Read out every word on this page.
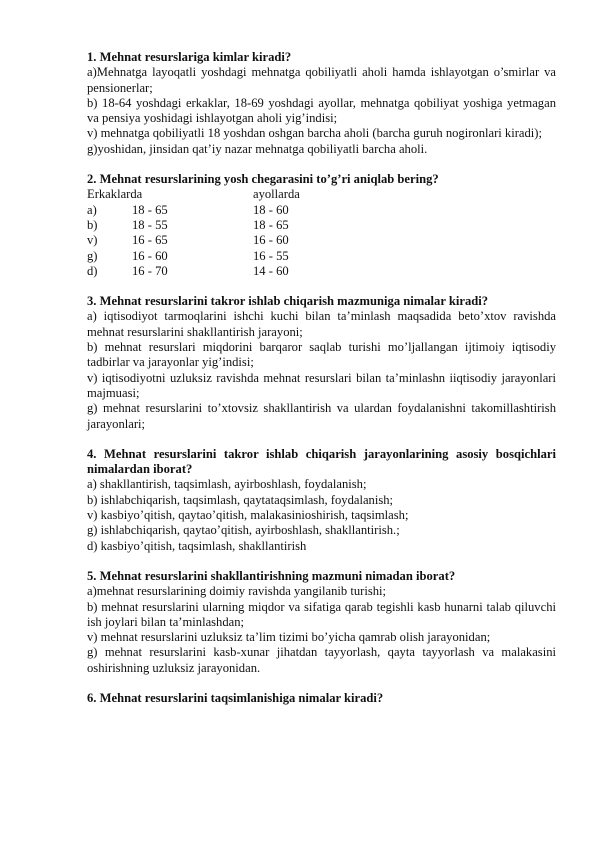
1. Mehnat resurslariga kimlar kiradi?
a)Mehnatga layoqatli yoshdagi mehnatga qobiliyatli aholi hamda ishlayotgan o’smirlar va pensionerlar;
b) 18-64 yoshdagi erkaklar, 18-69 yoshdagi ayollar, mehnatga qobiliyat yoshiga yetmagan va pensiya yoshidagi ishlayotgan aholi yig’indisi;
v) mehnatga qobiliyatli 18 yoshdan oshgan barcha aholi (barcha guruh nogironlari kiradi);
g)yoshidan, jinsidan qat’iy nazar mehnatga qobiliyatli barcha aholi.
2. Mehnat resurslarining yosh chegarasini to’g’ri aniqlab bering?
Erkaklarda	ayollarda
a)	18 - 65	18 - 60
b)	18 - 55	18 - 65
v)	16 - 65	16 - 60
g)	16 - 60	16 - 55
d)	16 - 70	14 - 60
3. Mehnat resurslarini takror ishlab chiqarish mazmuniga nimalar kiradi?
a) iqtisodiyot tarmoqlarini ishchi kuchi bilan ta’minlash maqsadida beto’xtov ravishda mehnat resurslarini shakllantirish jarayoni;
b) mehnat resurslari miqdorini barqaror saqlab turishi mo’ljallangan ijtimoiy iqtisodiy tadbirlar va jarayonlar yig’indisi;
v) iqtisodiyotni uzluksiz ravishda mehnat resurslari bilan ta’minlashn iiqtisodiy jarayonlari majmuasi;
g) mehnat resurslarini to’xtovsiz shakllantirish va ulardan foydalanishni takomillashtirish jarayonlari;
4. Mehnat resurslarini takror ishlab chiqarish jarayonlarining asosiy bosqichlari nimalardan iborat?
a) shakllantirish, taqsimlash, ayirboshlash, foydalanish;
b) ishlabchiqarish, taqsimlash, qaytataqsimlash, foydalanish;
v) kasbiyo’qitish, qaytao’qitish, malakasinioshirish, taqsimlash;
g) ishlabchiqarish, qaytao’qitish, ayirboshlash, shakllantirish.;
d) kasbiyo’qitish, taqsimlash, shakllantirish
5. Mehnat resurslarini shakllantirishning mazmuni nimadan iborat?
a)mehnat resurslarining doimiy ravishda yangilanib turishi;
b) mehnat resurslarini ularning miqdor va sifatiga qarab tegishli kasb hunarni talab qiluvchi ish joylari bilan ta’minlashdan;
v) mehnat resurslarini uzluksiz ta’lim tizimi bo’yicha qamrab olish jarayonidan;
g) mehnat resurslarini kasb-xunar jihatdan tayyorlash, qayta tayyorlash va malakasini oshirishning uzluksiz jarayonidan.
6. Mehnat resurslarini taqsimlanishiga nimalar kiradi?
